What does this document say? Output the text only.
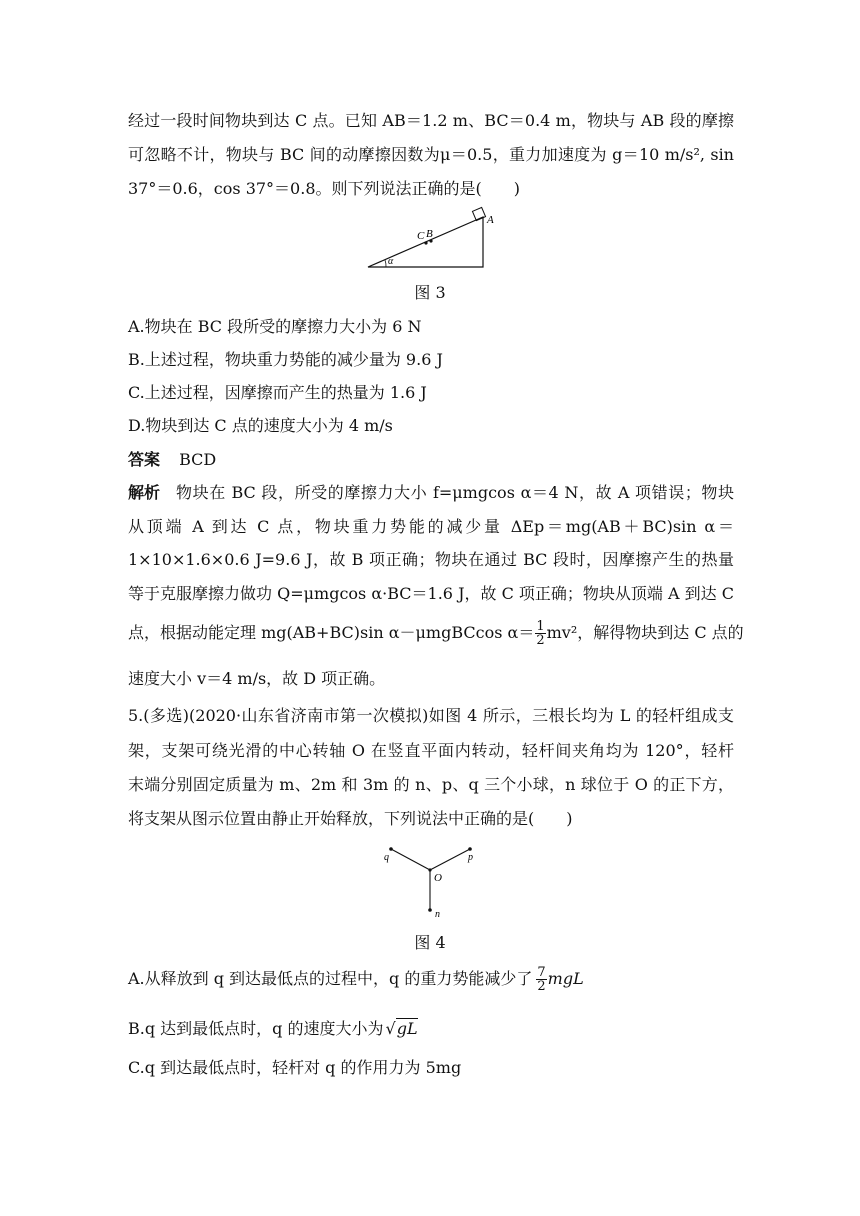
经过一段时间物块到达 C 点。已知 AB＝1.2 m、BC＝0.4 m，物块与 AB 段的摩擦
可忽略不计，物块与 BC 间的动摩擦因数为μ＝0.5，重力加速度为 g＝10 m/s², sin
37°＝0.6，cos 37°＝0.8。则下列说法正确的是(　　)
α
C B
A
图 3
A.物块在 BC 段所受的摩擦力大小为 6 N
B.上述过程，物块重力势能的减少量为 9.6 J
C.上述过程，因摩擦而产生的热量为 1.6 J
D.物块到达 C 点的速度大小为 4 m/s
答案 BCD
解析 物块在 BC 段，所受的摩擦力大小 f=μmgcos α＝4 N，故 A 项错误；物块
从顶端 A 到达 C 点，物块重力势能的减少量 ΔEp＝mg(AB＋BC)sin α＝
1×10×1.6×0.6 J=9.6 J，故 B 项正确；物块在通过 BC 段时，因摩擦产生的热量
等于克服摩擦力做功 Q=μmgcos α·BC＝1.6 J，故 C 项正确；物块从顶端 A 到达 C
点，根据动能定理 mg(AB+BC)sin α－μmgBCcos $\alpha= \frac{1}{2} mv^2$，解得物块到达 C 点的
速度大小 v＝4 m/s，故 D 项正确。
5.(多选)(2020·山东省济南市第一次模拟)如图 4 所示，三根长均为 L 的轻杆组成支
架，支架可绕光滑的中心转轴 O 在竖直平面内转动，轻杆间夹角均为 120°，轻杆
末端分别固定质量为 m、2m 和 3m 的 n、p、q 三个小球，n 球位于 O 的正下方，
将支架从图示位置由静止开始释放，下列说法中正确的是(　　)
q	p
O
n
图 4
A.从释放到 q 到达最低点的过程中，q 的重力势能减少了 $\frac{7}{2}$ mgL
B.q 达到最低点时，q 的速度大小为 √gL
C.q 到达最低点时，轻杆对 q 的作用力为 5mg
